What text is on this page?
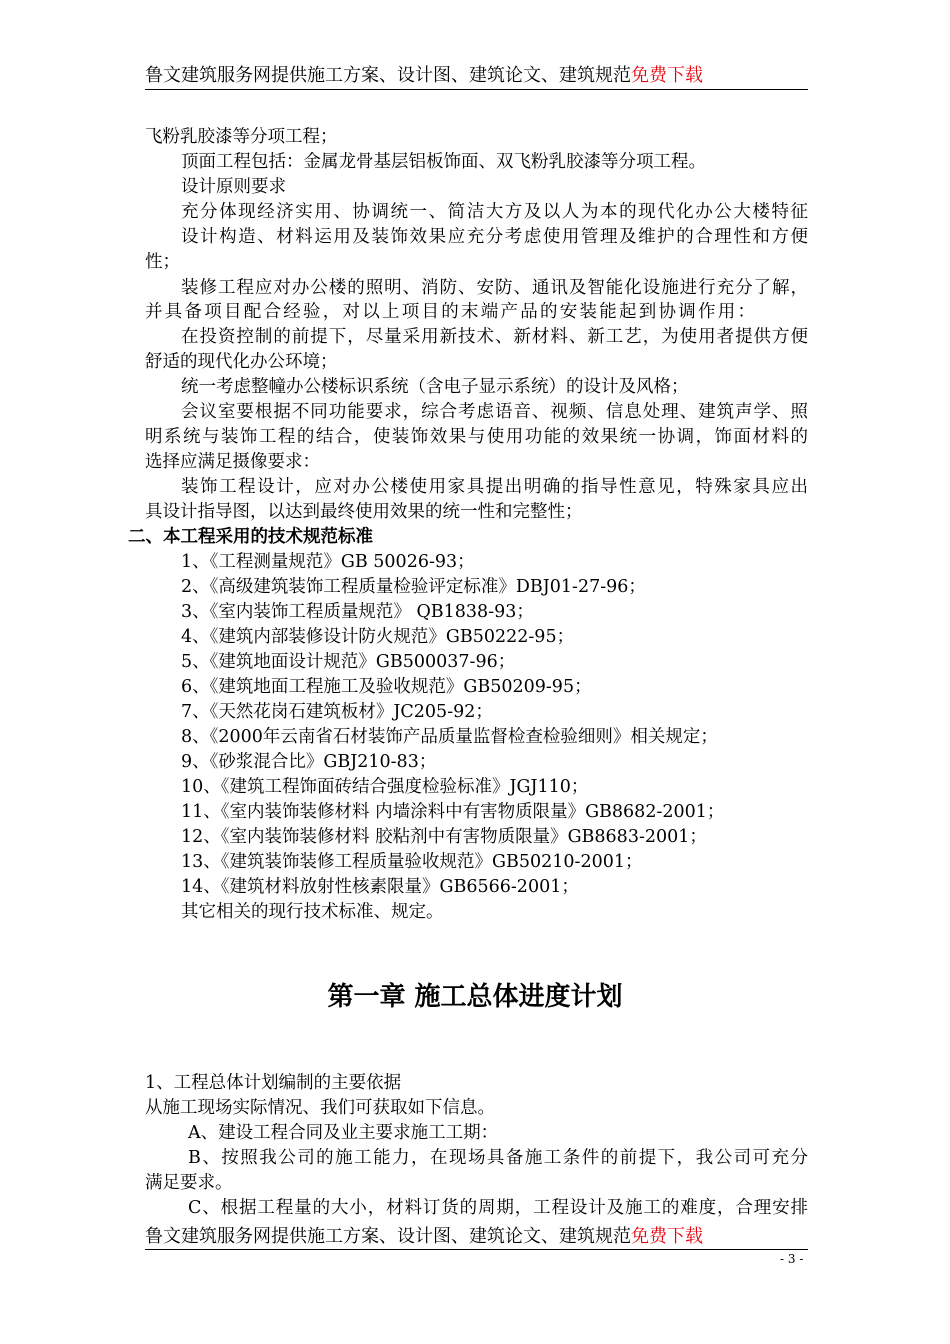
鲁文建筑服务网提供施工方案、设计图、建筑论文、建筑规范免费下载
飞粉乳胶漆等分项工程；
顶面工程包括：金属龙骨基层铝板饰面、双飞粉乳胶漆等分项工程。
设计原则要求
充分体现经济实用、协调统一、简洁大方及以人为本的现代化办公大楼特征
设计构造、材料运用及装饰效果应充分考虑使用管理及维护的合理性和方便
性；
装修工程应对办公楼的照明、消防、安防、通讯及智能化设施进行充分了解，
并具备项目配合经验，对以上项目的末端产品的安装能起到协调作用：
在投资控制的前提下，尽量采用新技术、新材料、新工艺，为使用者提供方便
舒适的现代化办公环境；
统一考虑整幢办公楼标识系统（含电子显示系统）的设计及风格；
会议室要根据不同功能要求，综合考虑语音、视频、信息处理、建筑声学、照
明系统与装饰工程的结合，使装饰效果与使用功能的效果统一协调，饰面材料的
选择应满足摄像要求：
装饰工程设计，应对办公楼使用家具提出明确的指导性意见，特殊家具应出
具设计指导图，以达到最终使用效果的统一性和完整性；
二、本工程采用的技术规范标准
1、《工程测量规范》GB 50026-93；
2、《高级建筑装饰工程质量检验评定标准》DBJ01-27-96；
3、《室内装饰工程质量规范》 QB1838-93；
4、《建筑内部装修设计防火规范》GB50222-95；
5、《建筑地面设计规范》GB500037-96；
6、《建筑地面工程施工及验收规范》GB50209-95；
7、《天然花岗石建筑板材》JC205-92；
8、《2000年云南省石材装饰产品质量监督检查检验细则》相关规定；
9、《砂浆混合比》GBJ210-83；
10、《建筑工程饰面砖结合强度检验标准》JGJ110；
11、《室内装饰装修材料 内墙涂料中有害物质限量》GB8682-2001；
12、《室内装饰装修材料 胶粘剂中有害物质限量》GB8683-2001；
13、《建筑装饰装修工程质量验收规范》GB50210-2001；
14、《建筑材料放射性核素限量》GB6566-2001；
其它相关的现行技术标准、规定。
第一章 施工总体进度计划
1、工程总体计划编制的主要依据
从施工现场实际情况、我们可获取如下信息。
A、建设工程合同及业主要求施工工期：
B、按照我公司的施工能力，在现场具备施工条件的前提下，我公司可充分
满足要求。
C、根据工程量的大小，材料订货的周期，工程设计及施工的难度，合理安排
鲁文建筑服务网提供施工方案、设计图、建筑论文、建筑规范免费下载
- 3 -
